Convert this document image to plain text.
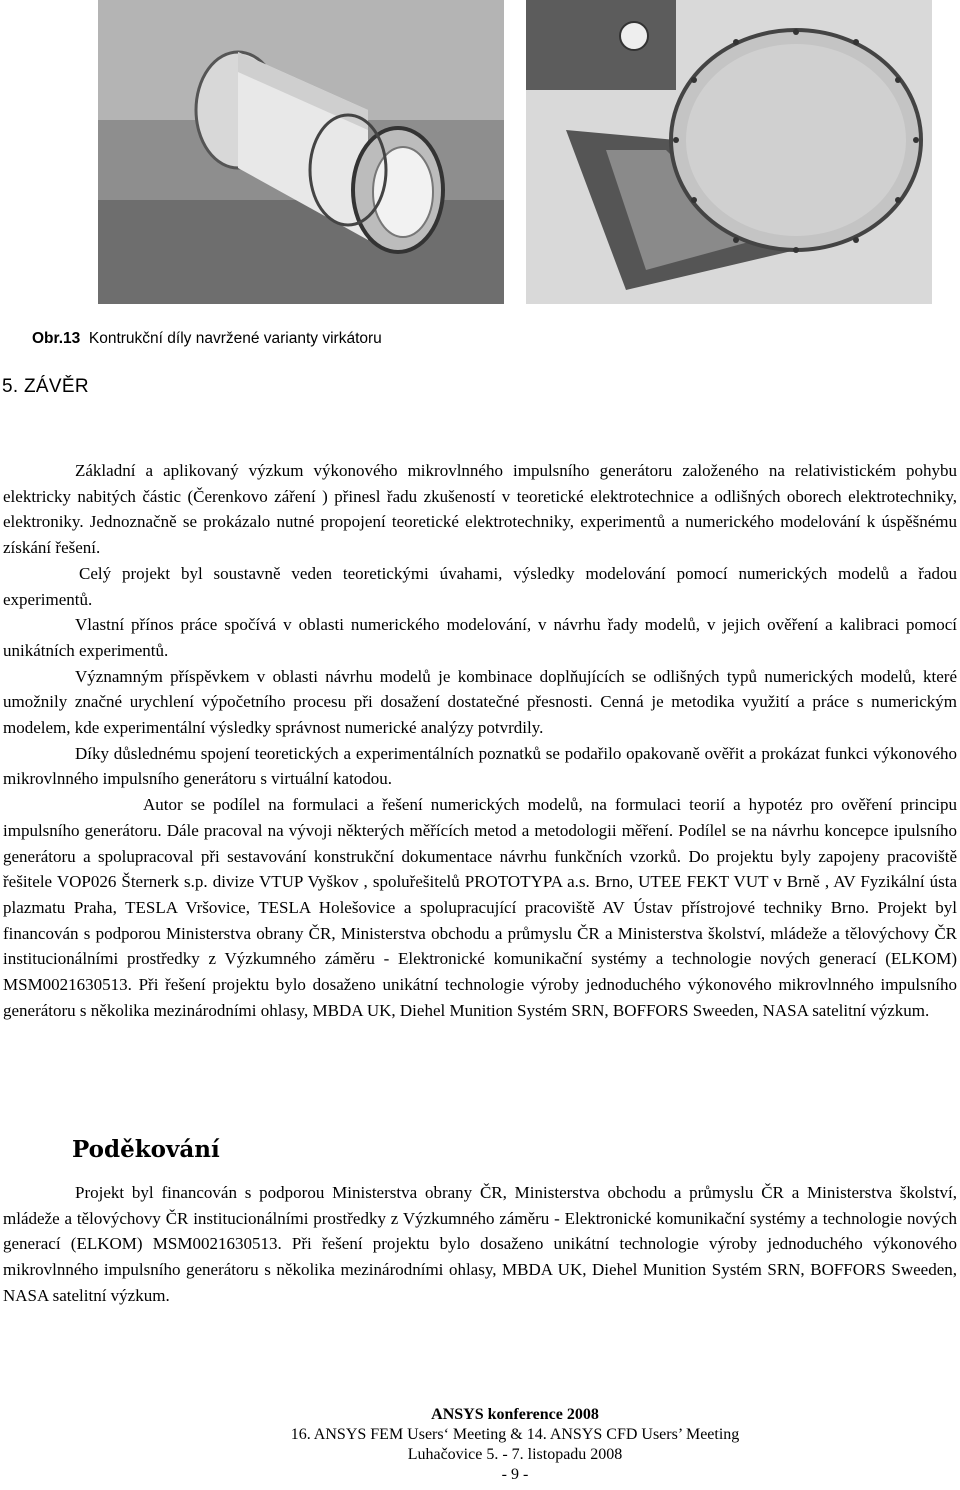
Obr.13 Kontrukční díly navržené varianty virkátoru
5. ZÁVĚR

Základní a aplikovaný výzkum výkonového mikrovlnného impulsního generátoru založeného na relativistickém pohybu elektricky nabitých částic (Čerenkovo záření ) přinesl řadu zkušeností v teoretické elektrotechnice a odlišných oborech elektrotechniky, elektroniky. Jednoznačně se prokázalo nutné propojení teoretické elektrotechniky, experimentů a numerického modelování k úspěšnému získání řešení.

Celý projekt byl soustavně veden teoretickými úvahami, výsledky modelování pomocí numerických modelů a řadou experimentů.

Vlastní přínos práce spočívá v oblasti numerického modelování, v návrhu řady modelů, v jejich ověření a kalibraci pomocí unikátních experimentů.

Významným příspěvkem v oblasti návrhu modelů je kombinace doplňujících se odlišných typů numerických modelů, které umožnily značné urychlení výpočetního procesu při dosažení dostatečné přesnosti. Cenná je metodika využití a práce s numerickým modelem, kde experimentální výsledky správnost numerické analýzy potvrdily.

Díky důslednému spojení teoretických a experimentálních poznatků se podařilo opakovaně ověřit a prokázat funkci výkonového mikrovlnného impulsního generátoru s virtuální katodou.

Autor se podílel na formulaci a řešení numerických modelů, na formulaci teorií a hypotéz pro ověření principu impulsního generátoru. Dále pracoval na vývoji některých měřících metod a metodologii měření. Podílel se na návrhu koncepce ipulsního generátoru a spolupracoval při sestavování konstrukční dokumentace návrhu funkčních vzorků. Do projektu byly zapojeny pracoviště řešitele VOP026 Šternerk s.p. divize VTUP Vyškov , spoluřešitelů PROTOTYPA a.s. Brno, UTEE FEKT VUT v Brně , AV Fyzikální ústa plazmatu Praha, TESLA Vršovice, TESLA Holešovice a spolupracující pracoviště AV Ústav přístrojové techniky Brno. Projekt byl financován s podporou Ministerstva obrany ČR, Ministerstva obchodu a průmyslu ČR a Ministerstva školství, mládeže a tělovýchovy ČR institucionálními prostředky z Výzkumného záměru - Elektronické komunikační systémy a technologie nových generací (ELKOM) MSM0021630513. Při řešení projektu bylo dosaženo unikátní technologie výroby jednoduchého výkonového mikrovlnného impulsního generátoru s několika mezinárodními ohlasy, MBDA UK, Diehel Munition Systém SRN, BOFFORS Sweeden, NASA satelitní výzkum.

Poděkování

Projekt byl financován s podporou Ministerstva obrany ČR, Ministerstva obchodu a průmyslu ČR a Ministerstva školství, mládeže a tělovýchovy ČR institucionálními prostředky z Výzkumného záměru - Elektronické komunikační systémy a technologie nových generací (ELKOM) MSM0021630513. Při řešení projektu bylo dosaženo unikátní technologie výroby jednoduchého výkonového mikrovlnného impulsního generátoru s několika mezinárodními ohlasy, MBDA UK, Diehel Munition Systém SRN, BOFFORS Sweeden, NASA satelitní výzkum.

ANSYS konference 2008
16. ANSYS FEM Users‘ Meeting & 14. ANSYS CFD Users’ Meeting
Luhačovice 5. - 7. listopadu 2008
- 9 -
